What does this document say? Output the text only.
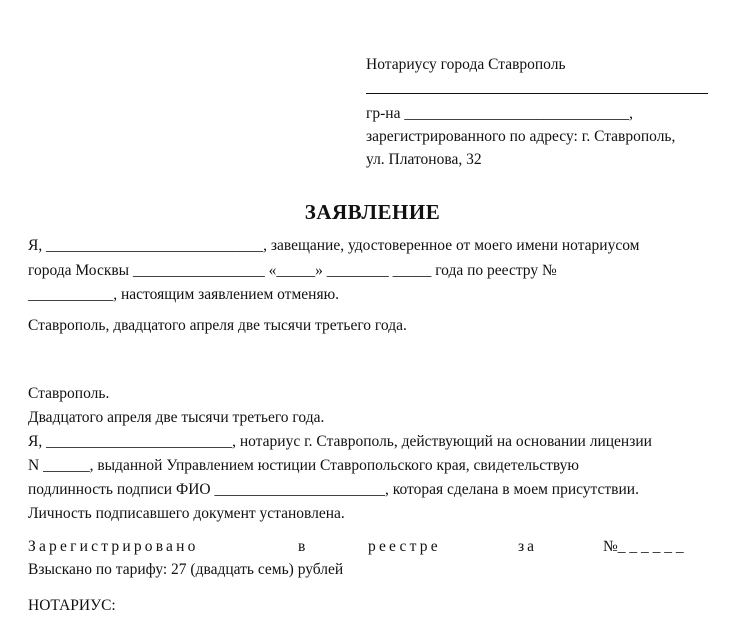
Нотариусу города Ставрополь
гр-на _____________________________,
зарегистрированного по адресу: г. Ставрополь,
ул. Платонова, 32
ЗАЯВЛЕНИЕ
Я, ____________________________, завещание, удостоверенное от моего имени нотариусом
города Москвы _________________ «_____» ________ _____ года по реестру №
___________, настоящим заявлением отменяю.
Ставрополь, двадцатого апреля две тысячи третьего года.
Ставрополь.
Двадцатого апреля две тысячи третьего года.
Я, ________________________, нотариус г. Ставрополь, действующий на основании лицензии
N ______, выданной Управлением юстиции Ставропольского края, свидетельствую
подлинность подписи ФИО ______________________, которая сделана в моем присутствии.
Личность подписавшего документ установлена.
Зарегистрировано	в	реестре	за	№_ _ _ _ _ _
Взыскано по тарифу: 27 (двадцать семь) рублей
НОТАРИУС:
